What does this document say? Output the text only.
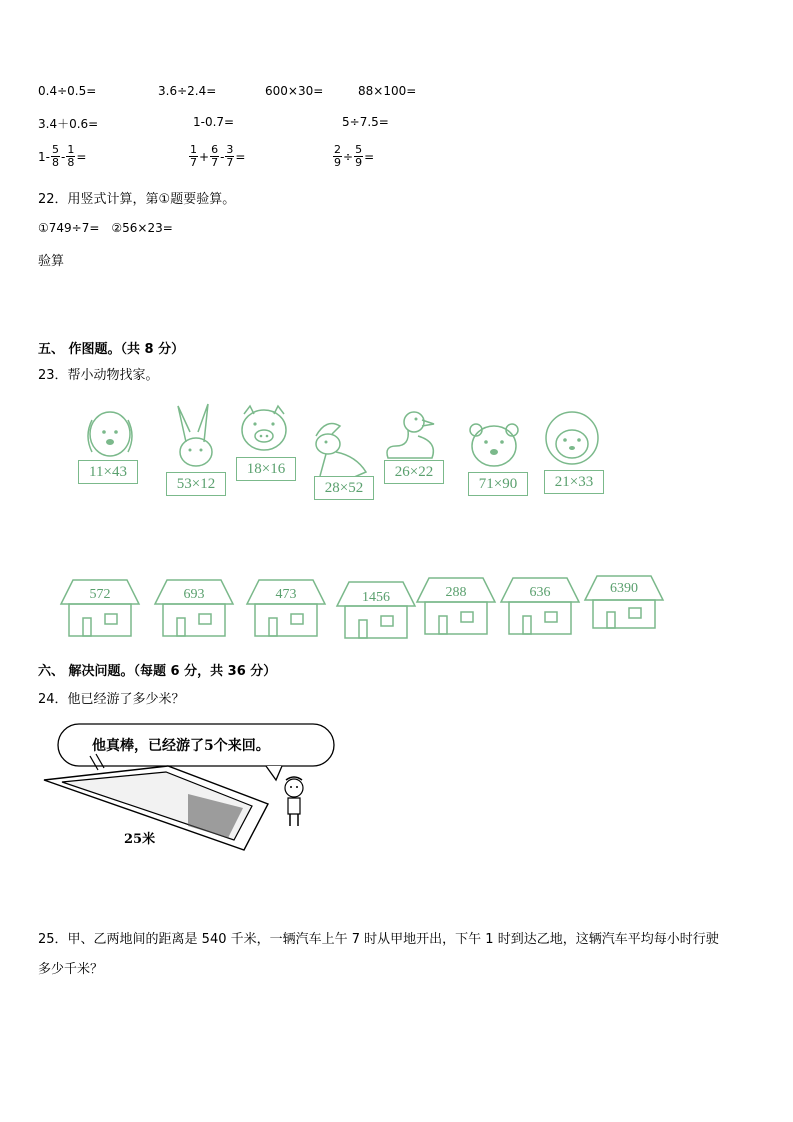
0.4÷0.5=	3.6÷2.4=	600×30=	88×100=
3.4＋0.6=	1-0.7=	5÷7.5=
$1- \frac{5}{8} - \frac{1}{8}$ =	$\frac{1}{7} + \frac{6}{7} - \frac{3}{7}$ =	$\frac{2}{9} \div \frac{5}{9}$ =
22．用竖式计算，第①题要验算。
①749÷7=　②56×23=
验算
五、 作图题。（共 8 分）
23．帮小动物找家。
11×43
53×12
18×16
28×52
26×22
71×90	21×33
572	693	473	1456	288	636	6390
六、 解决问题。（每题 6 分，共 36 分）
24．他已经游了多少米？
他真棒，已经游了5个来回。
25米
25．甲、乙两地间的距离是 540 千米，一辆汽车上午 7 时从甲地开出，下午 1 时到达乙地，这辆汽车平均每小时行驶
多少千米？
